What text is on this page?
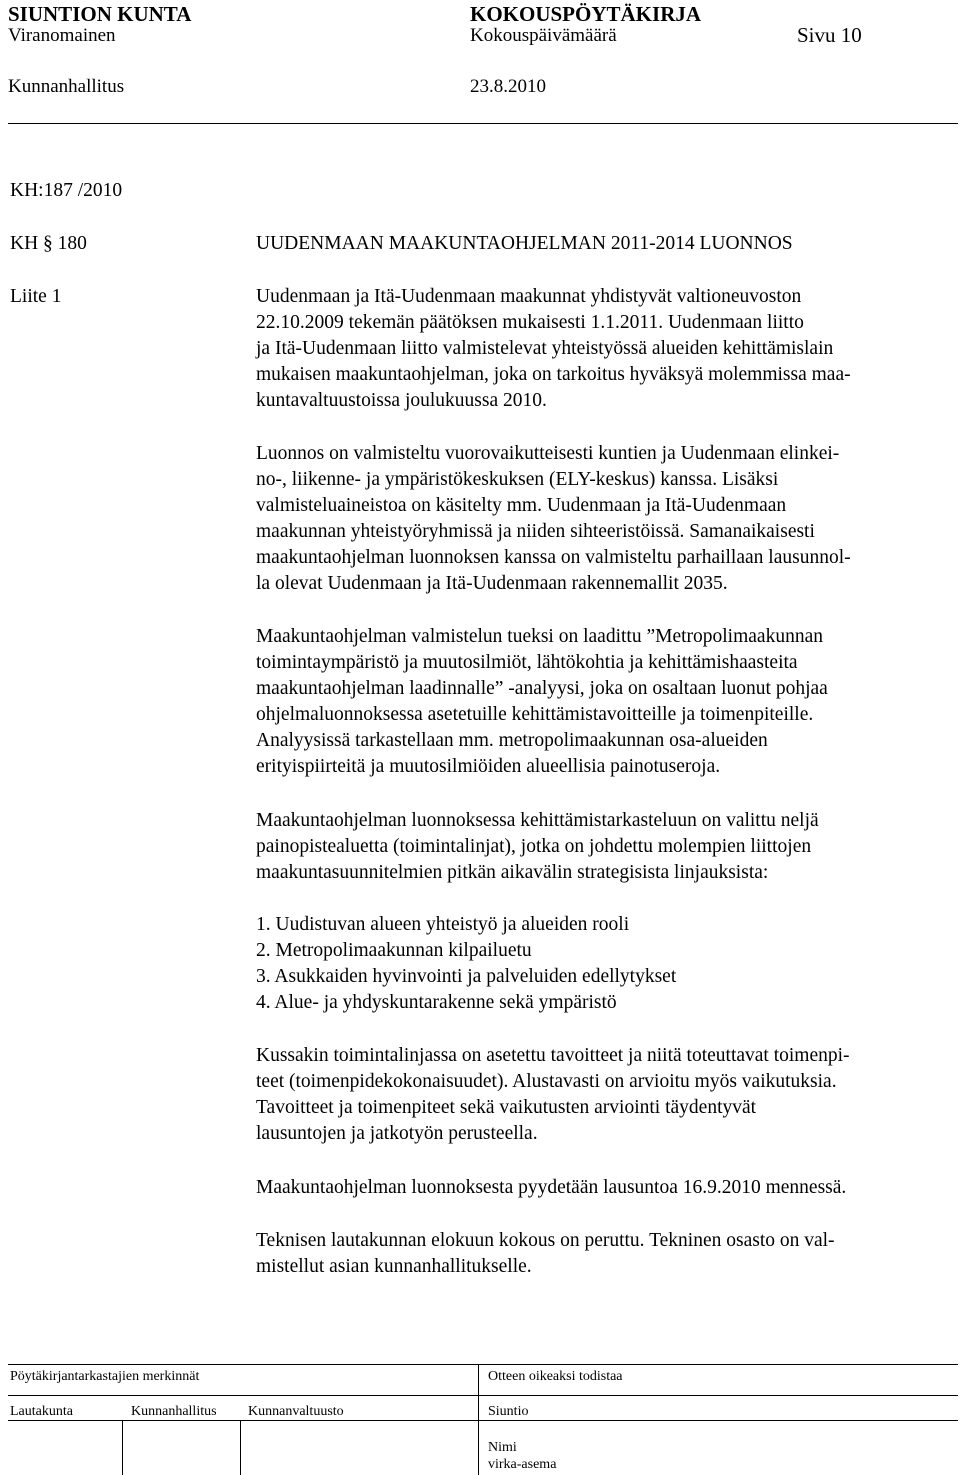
SIUNTION KUNTA	KOKOUSPÖYTÄKIRJA
Viranomainen	Kokouspäivämäärä	Sivu 10
Kunnanhallitus	23.8.2010
KH:187 /2010
KH § 180	UUDENMAAN MAAKUNTAOHJELMAN 2011-2014 LUONNOS
Liite 1	Uudenmaan ja Itä-Uudenmaan maakunnat yhdistyvät valtioneuvoston
22.10.2009 tekemän päätöksen mukaisesti 1.1.2011. Uudenmaan liitto
ja Itä-Uudenmaan liitto valmistelevat yhteistyössä alueiden kehittämislain
mukaisen maakuntaohjelman, joka on tarkoitus hyväksyä molemmissa maa-
kuntavaltuustoissa joulukuussa 2010.
Luonnos on valmisteltu vuorovaikutteisesti kuntien ja Uudenmaan elinkei-
no-, liikenne- ja ympäristökeskuksen (ELY-keskus) kanssa. Lisäksi
valmisteluaineistoa on käsitelty mm. Uudenmaan ja Itä-Uudenmaan
maakunnan yhteistyöryhmissä ja niiden sihteeristöissä. Samanaikaisesti
maakuntaohjelman luonnoksen kanssa on valmisteltu parhaillaan lausunnol-
la olevat Uudenmaan ja Itä-Uudenmaan rakennemallit 2035.
Maakuntaohjelman valmistelun tueksi on laadittu ”Metropolimaakunnan
toimintaympäristö ja muutosilmiöt, lähtökohtia ja kehittämishaasteita
maakuntaohjelman laadinnalle” -analyysi, joka on osaltaan luonut pohjaa
ohjelmaluonnoksessa asetetuille kehittämistavoitteille ja toimenpiteille.
Analyysissä tarkastellaan mm. metropolimaakunnan osa-alueiden
erityispiirteitä ja muutosilmiöiden alueellisia painotuseroja.
Maakuntaohjelman luonnoksessa kehittämistarkasteluun on valittu neljä
painopistealuetta (toimintalinjat), jotka on johdettu molempien liittojen
maakuntasuunnitelmien pitkän aikavälin strategisista linjauksista:
1. Uudistuvan alueen yhteistyö ja alueiden rooli
2. Metropolimaakunnan kilpailuetu
3. Asukkaiden hyvinvointi ja palveluiden edellytykset
4. Alue- ja yhdyskuntarakenne sekä ympäristö
Kussakin toimintalinjassa on asetettu tavoitteet ja niitä toteuttavat toimenpi-
teet (toimenpidekokonaisuudet). Alustavasti on arvioitu myös vaikutuksia.
Tavoitteet ja toimenpiteet sekä vaikutusten arviointi täydentyvät
lausuntojen ja jatkotyön perusteella.
Maakuntaohjelman luonnoksesta pyydetään lausuntoa 16.9.2010 mennessä.
Teknisen lautakunnan elokuun kokous on peruttu. Tekninen osasto on val-
mistellut asian kunnanhallitukselle.
Pöytäkirjantarkastajien merkinnät	Otteen oikeaksi todistaa
Lautakunta	Kunnanhallitus Kunnanvaltuusto	Siuntio
Nimi
virka-asema
